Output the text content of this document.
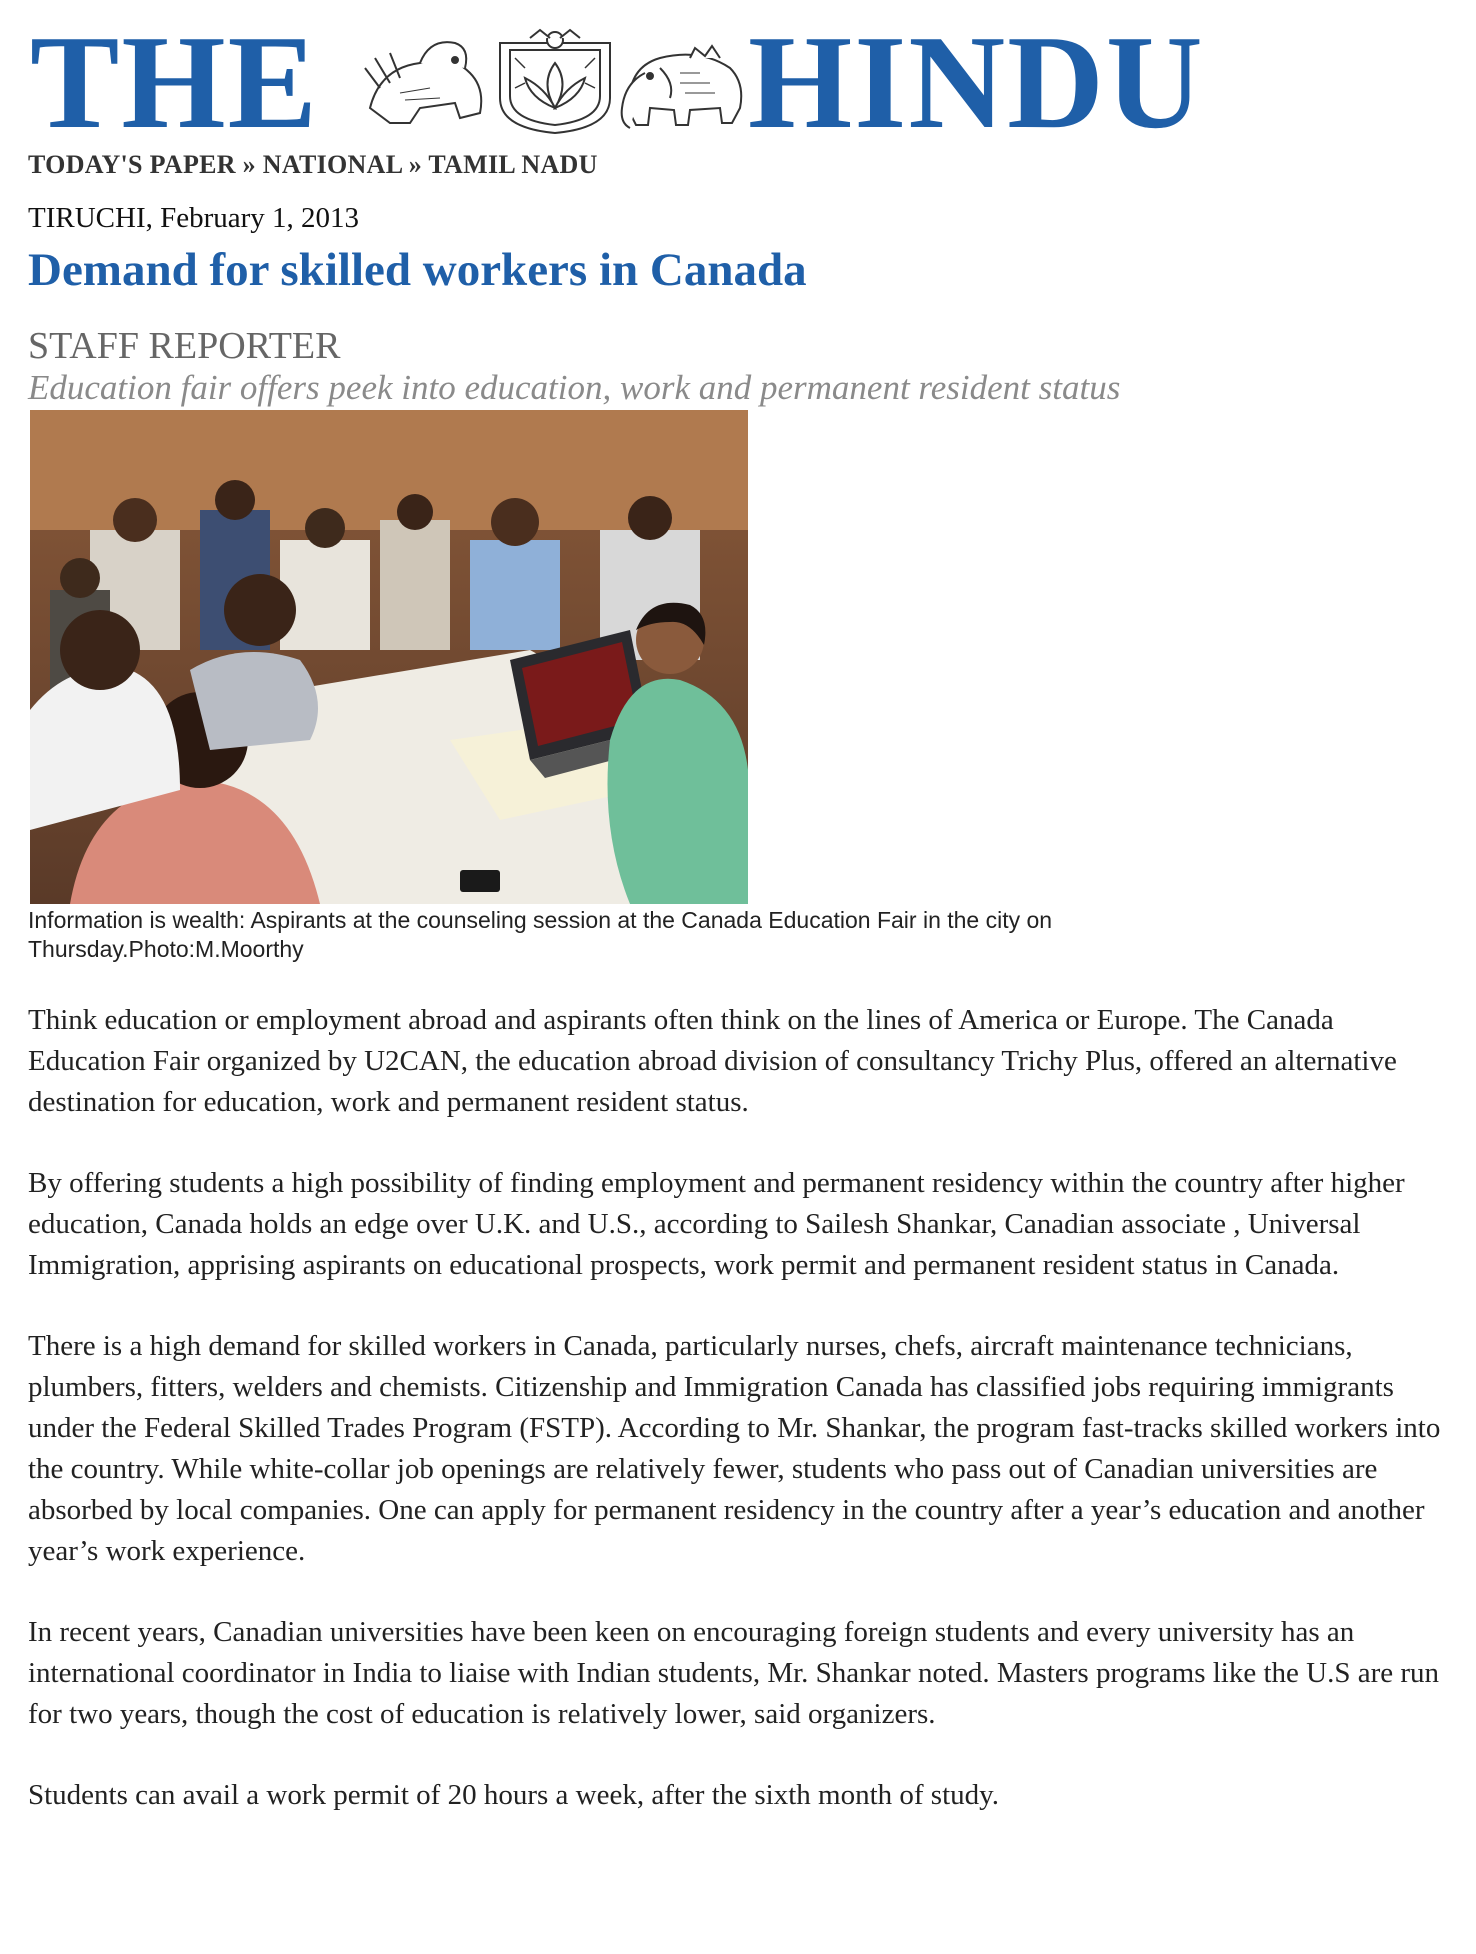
THE	HINDU
TODAY'S PAPER » NATIONAL » TAMIL NADU
TIRUCHI, February 1, 2013
Demand for skilled workers in Canada
STAFF REPORTER
Education fair offers peek into education, work and permanent resident status
Information is wealth: Aspirants at the counseling session at the Canada Education Fair in the city on Thursday.Photo:M.Moorthy

Think education or employment abroad and aspirants often think on the lines of America or Europe. The Canada Education Fair organized by U2CAN, the education abroad division of consultancy Trichy Plus, offered an alternative destination for education, work and permanent resident status.

By offering students a high possibility of finding employment and permanent residency within the country after higher education, Canada holds an edge over U.K. and U.S., according to Sailesh Shankar, Canadian associate , Universal Immigration, apprising aspirants on educational prospects, work permit and permanent resident status in Canada.

There is a high demand for skilled workers in Canada, particularly nurses, chefs, aircraft maintenance technicians, plumbers, fitters, welders and chemists. Citizenship and Immigration Canada has classified jobs requiring immigrants under the Federal Skilled Trades Program (FSTP). According to Mr. Shankar, the program fast-tracks skilled workers into the country. While white-collar job openings are relatively fewer, students who pass out of Canadian universities are absorbed by local companies. One can apply for permanent residency in the country after a year’s education and another year’s work experience.

In recent years, Canadian universities have been keen on encouraging foreign students and every university has an international coordinator in India to liaise with Indian students, Mr. Shankar noted. Masters programs like the U.S are run for two years, though the cost of education is relatively lower, said organizers.

Students can avail a work permit of 20 hours a week, after the sixth month of study.
